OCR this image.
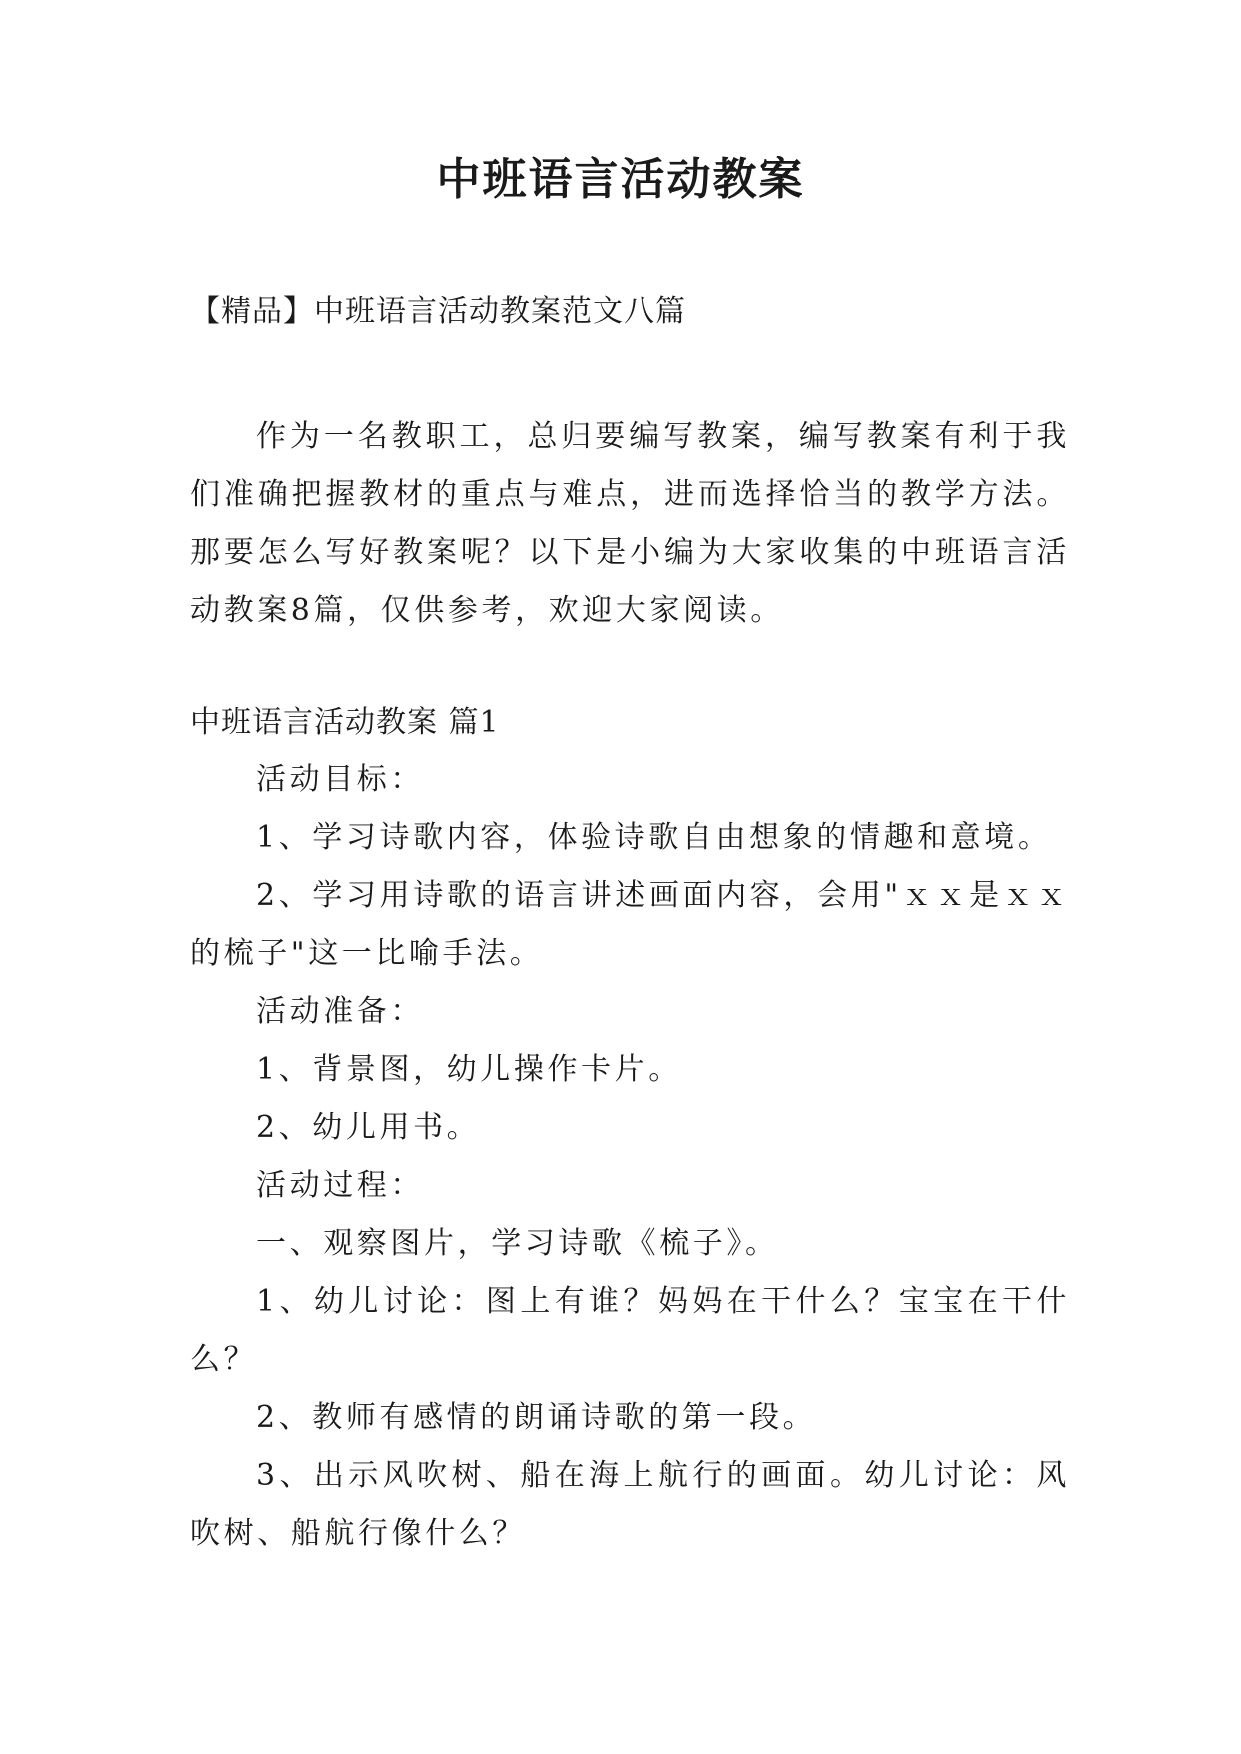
中班语言活动教案
【精品】中班语言活动教案范文八篇

作为一名教职工，总归要编写教案，编写教案有利于我们准确把握教材的重点与难点，进而选择恰当的教学方法。那要怎么写好教案呢？以下是小编为大家收集的中班语言活动教案8篇，仅供参考，欢迎大家阅读。

中班语言活动教案 篇1

活动目标：

1、学习诗歌内容，体验诗歌自由想象的情趣和意境。

2、学习用诗歌的语言讲述画面内容，会用"ｘｘ是ｘｘ的梳子"这一比喻手法。

活动准备：

1、背景图，幼儿操作卡片。

2、幼儿用书。

活动过程：

一、观察图片，学习诗歌《梳子》。

1、幼儿讨论：图上有谁？妈妈在干什么？宝宝在干什么？

2、教师有感情的朗诵诗歌的第一段。

3、出示风吹树、船在海上航行的画面。幼儿讨论：风吹树、船航行像什么？
